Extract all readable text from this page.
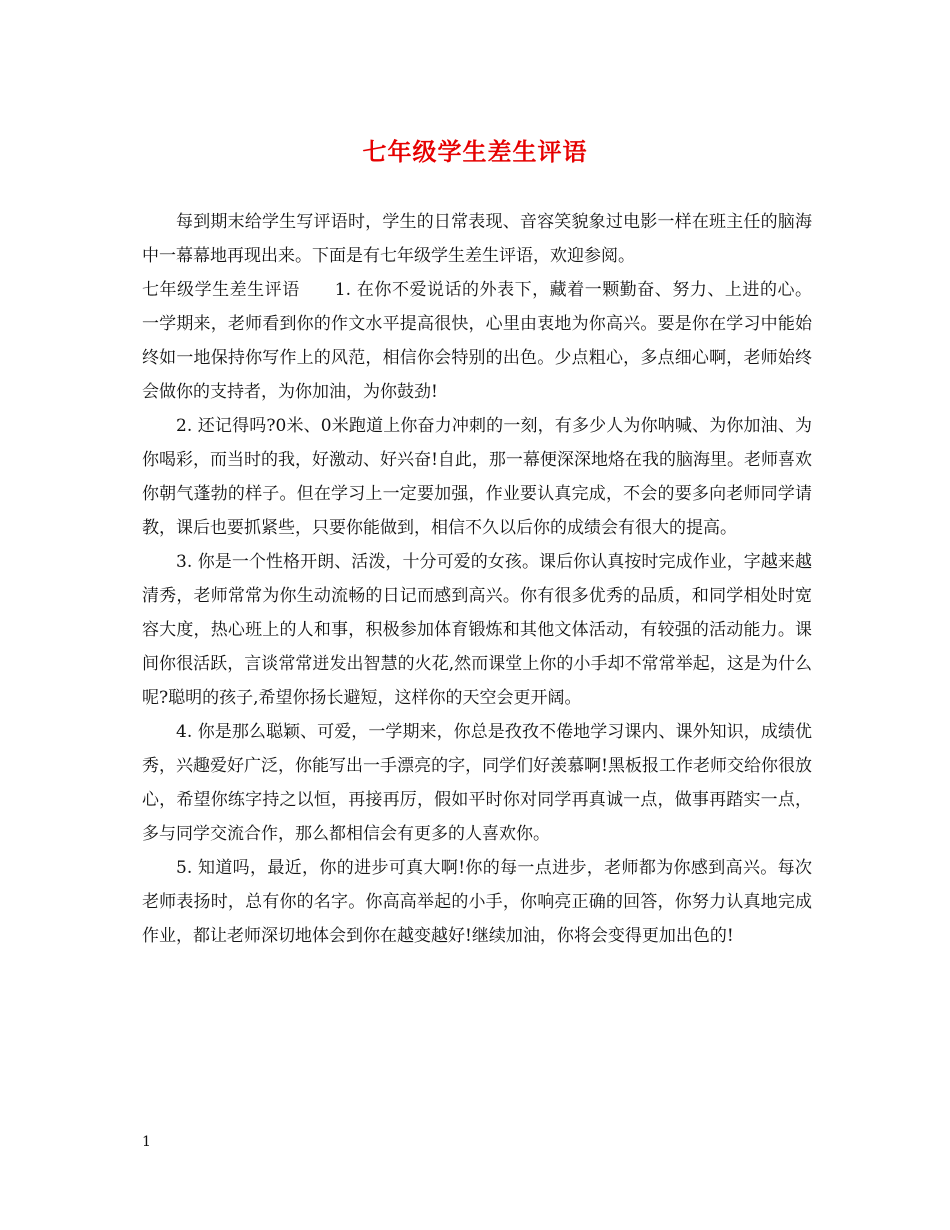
七年级学生差生评语

每到期末给学生写评语时，学生的日常表现、音容笑貌象过电影一样在班主任的脑海中一幕幕地再现出来。下面是有七年级学生差生评语，欢迎参阅。

七年级学生差生评语　　1. 在你不爱说话的外表下，藏着一颗勤奋、努力、上进的心。 一学期来，老师看到你的作文水平提高很快，心里由衷地为你高兴。要是你在学习中能始终如一地保持你写作上的风范，相信你会特别的出色。少点粗心，多点细心啊，老师始终会做你的支持者，为你加油，为你鼓劲!

2. 还记得吗?0米、0米跑道上你奋力冲刺的一刻，有多少人为你呐喊、为你加油、为你喝彩，而当时的我，好激动、好兴奋!自此，那一幕便深深地烙在我的脑海里。老师喜欢你朝气蓬勃的样子。但在学习上一定要加强，作业要认真完成，不会的要多向老师同学请教，课后也要抓紧些，只要你能做到，相信不久以后你的成绩会有很大的提高。

3. 你是一个性格开朗、活泼，十分可爱的女孩。课后你认真按时完成作业，字越来越清秀，老师常常为你生动流畅的日记而感到高兴。你有很多优秀的品质，和同学相处时宽容大度，热心班上的人和事，积极参加体育锻炼和其他文体活动，有较强的活动能力。课间你很活跃，言谈常常迸发出智慧的火花,然而课堂上你的小手却不常常举起，这是为什么呢?聪明的孩子,希望你扬长避短，这样你的天空会更开阔。

4. 你是那么聪颖、可爱，一学期来，你总是孜孜不倦地学习课内、课外知识，成绩优秀，兴趣爱好广泛，你能写出一手漂亮的字，同学们好羡慕啊!黑板报工作老师交给你很放心，希望你练字持之以恒，再接再厉，假如平时你对同学再真诚一点，做事再踏实一点，多与同学交流合作，那么都相信会有更多的人喜欢你。

5. 知道吗，最近，你的进步可真大啊!你的每一点进步，老师都为你感到高兴。每次老师表扬时，总有你的名字。你高高举起的小手，你响亮正确的回答，你努力认真地完成作业，都让老师深切地体会到你在越变越好!继续加油，你将会变得更加出色的!

1
